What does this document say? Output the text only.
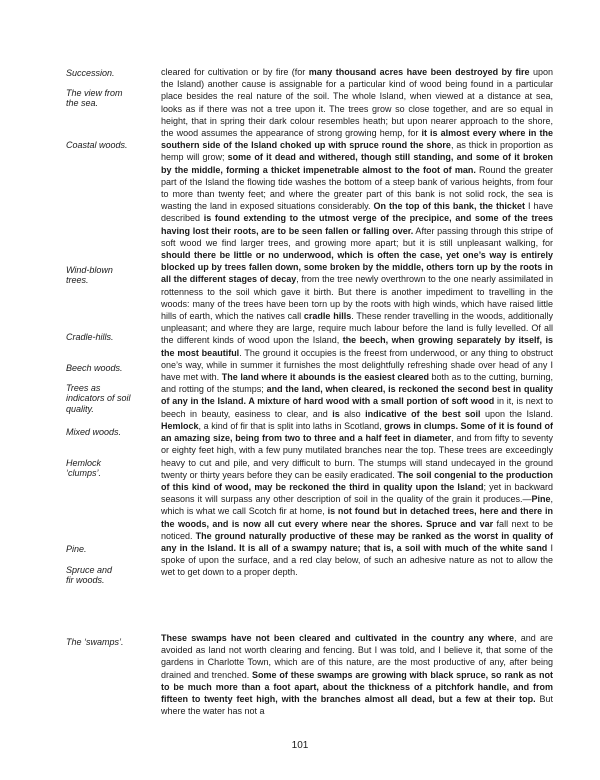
Succession.
The view from the sea.
Coastal woods.
Wind-blown trees.
Cradle-hills.
Beech woods.
Trees as indicators of soil quality.
Mixed woods.
Hemlock ‘clumps’.
Pine.
Spruce and fir woods.
The ‘swamps’.
cleared for cultivation or by fire (for many thousand acres have been destroyed by fire upon the Island) another cause is assignable for a particular kind of wood being found in a particular place besides the real nature of the soil. The whole Island, when viewed at a distance at sea, looks as if there was not a tree upon it. The trees grow so close together, and are so equal in height, that in spring their dark colour resembles heath; but upon nearer approach to the shore, the wood assumes the appearance of strong growing hemp, for it is almost every where in the southern side of the Island choked up with spruce round the shore, as thick in proportion as hemp will grow; some of it dead and withered, though still standing, and some of it broken by the middle, forming a thicket impenetrable almost to the foot of man. Round the greater part of the Island the flowing tide washes the bottom of a steep bank of various heights, from four to more than twenty feet; and where the greater part of this bank is not solid rock, the sea is wasting the land in exposed situations considerably. On the top of this bank, the thicket I have described is found extending to the utmost verge of the precipice, and some of the trees having lost their roots, are to be seen fallen or falling over. After passing through this stripe of soft wood we find larger trees, and growing more apart; but it is still unpleasant walking, for should there be little or no underwood, which is often the case, yet one’s way is entirely blocked up by trees fallen down, some broken by the middle, others torn up by the roots in all the different stages of decay, from the tree newly overthrown to the one nearly assimilated in rottenness to the soil which gave it birth. But there is another impediment to travelling in the woods: many of the trees have been torn up by the roots with high winds, which have raised little hills of earth, which the natives call cradle hills. These render travelling in the woods, additionally unpleasant; and where they are large, require much labour before the land is fully levelled. Of all the different kinds of wood upon the Island, the beech, when growing separately by itself, is the most beautiful. The ground it occupies is the freest from underwood, or any thing to obstruct one’s way, while in summer it furnishes the most delightfully refreshing shade over head of any I have met with. The land where it abounds is the easiest cleared both as to the cutting, burning, and rotting of the stumps; and the land, when cleared, is reckoned the second best in quality of any in the Island. A mixture of hard wood with a small portion of soft wood in it, is next to beech in beauty, easiness to clear, and is also indicative of the best soil upon the Island. Hemlock, a kind of fir that is split into laths in Scotland, grows in clumps. Some of it is found of an amazing size, being from two to three and a half feet in diameter, and from fifty to seventy or eighty feet high, with a few puny mutilated branches near the top. These trees are exceedingly heavy to cut and pile, and very difficult to burn. The stumps will stand undecayed in the ground twenty or thirty years before they can be easily eradicated. The soil congenial to the production of this kind of wood, may be reckoned the third in quality upon the Island; yet in backward seasons it will surpass any other description of soil in the quality of the grain it produces.—Pine, which is what we call Scotch fir at home, is not found but in detached trees, here and there in the woods, and is now all cut every where near the shores. Spruce and var fall next to be noticed. The ground naturally productive of these may be ranked as the worst in quality of any in the Island. It is all of a swampy nature; that is, a soil with much of the white sand I spoke of upon the surface, and a red clay below, of such an adhesive nature as not to allow the wet to get down to a proper depth.
These swamps have not been cleared and cultivated in the country any where, and are avoided as land not worth clearing and fencing. But I was told, and I believe it, that some of the gardens in Charlotte Town, which are of this nature, are the most productive of any, after being drained and trenched. Some of these swamps are growing with black spruce, so rank as not to be much more than a foot apart, about the thickness of a pitchfork handle, and from fifteen to twenty feet high, with the branches almost all dead, but a few at their top. But where the water has not a
101
